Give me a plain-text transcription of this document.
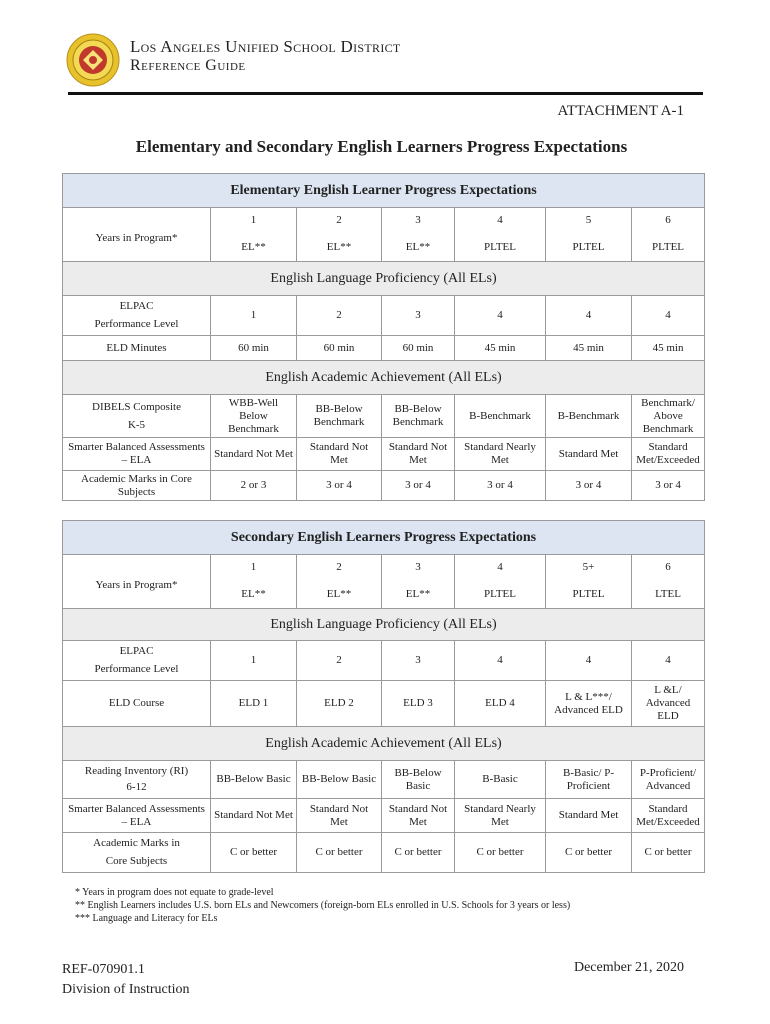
Los Angeles Unified School District
Reference Guide
ATTACHMENT A-1
Elementary and Secondary English Learners Progress Expectations
Elementary English Learner Progress Expectations						
Years in Program*	1	2	3	4	5	6
	EL**	EL**	EL**	PLTEL	PLTEL	PLTEL
English Language Proficiency (All ELs)						

ELPAC
Performance Level	1	2	3	4	4	4
ELD Minutes	60 min	60 min	60 min	45 min	45 min	45 min
English Academic Achievement (All ELs)						

DIBELS Composite
K-5	WBB-Well Below Benchmark	BB-Below Benchmark	BB-Below Benchmark	B-Benchmark	B-Benchmark	Benchmark/ Above Benchmark
Smarter Balanced Assessments – ELA	Standard Not Met	Standard Not Met	Standard Not Met	Standard Nearly Met	Standard Met	Standard Met/Exceeded
Academic Marks in Core Subjects	2 or 3	3 or 4	3 or 4	3 or 4	3 or 4	3 or 4
Secondary English Learners Progress Expectations						
Years in Program*	1	2	3	4	5+	6
	EL**	EL**	EL**	PLTEL	PLTEL	LTEL
English Language Proficiency (All ELs)						

ELPAC
Performance Level	1	2	3	4	4	4
ELD Course	ELD 1	ELD 2	ELD 3	ELD 4	L & L***/ Advanced ELD	L &L/ Advanced ELD
English Academic Achievement (All ELs)						

Reading Inventory (RI)
6-12	BB-Below Basic	BB-Below Basic	BB-Below Basic	B-Basic	B-Basic/ P-Proficient	P-Proficient/ Advanced
Smarter Balanced Assessments – ELA	Standard Not Met	Standard Not Met	Standard Not Met	Standard Nearly Met	Standard Met	Standard Met/Exceeded

Academic Marks in
Core Subjects	C or better	C or better	C or better	C or better	C or better	C or better
* Years in program does not equate to grade-level
** English Learners includes U.S. born ELs and Newcomers (foreign-born ELs enrolled in U.S. Schools for 3 years or less)
*** Language and Literacy for ELs
REF-070901.1
Division of Instruction
December 21, 2020
